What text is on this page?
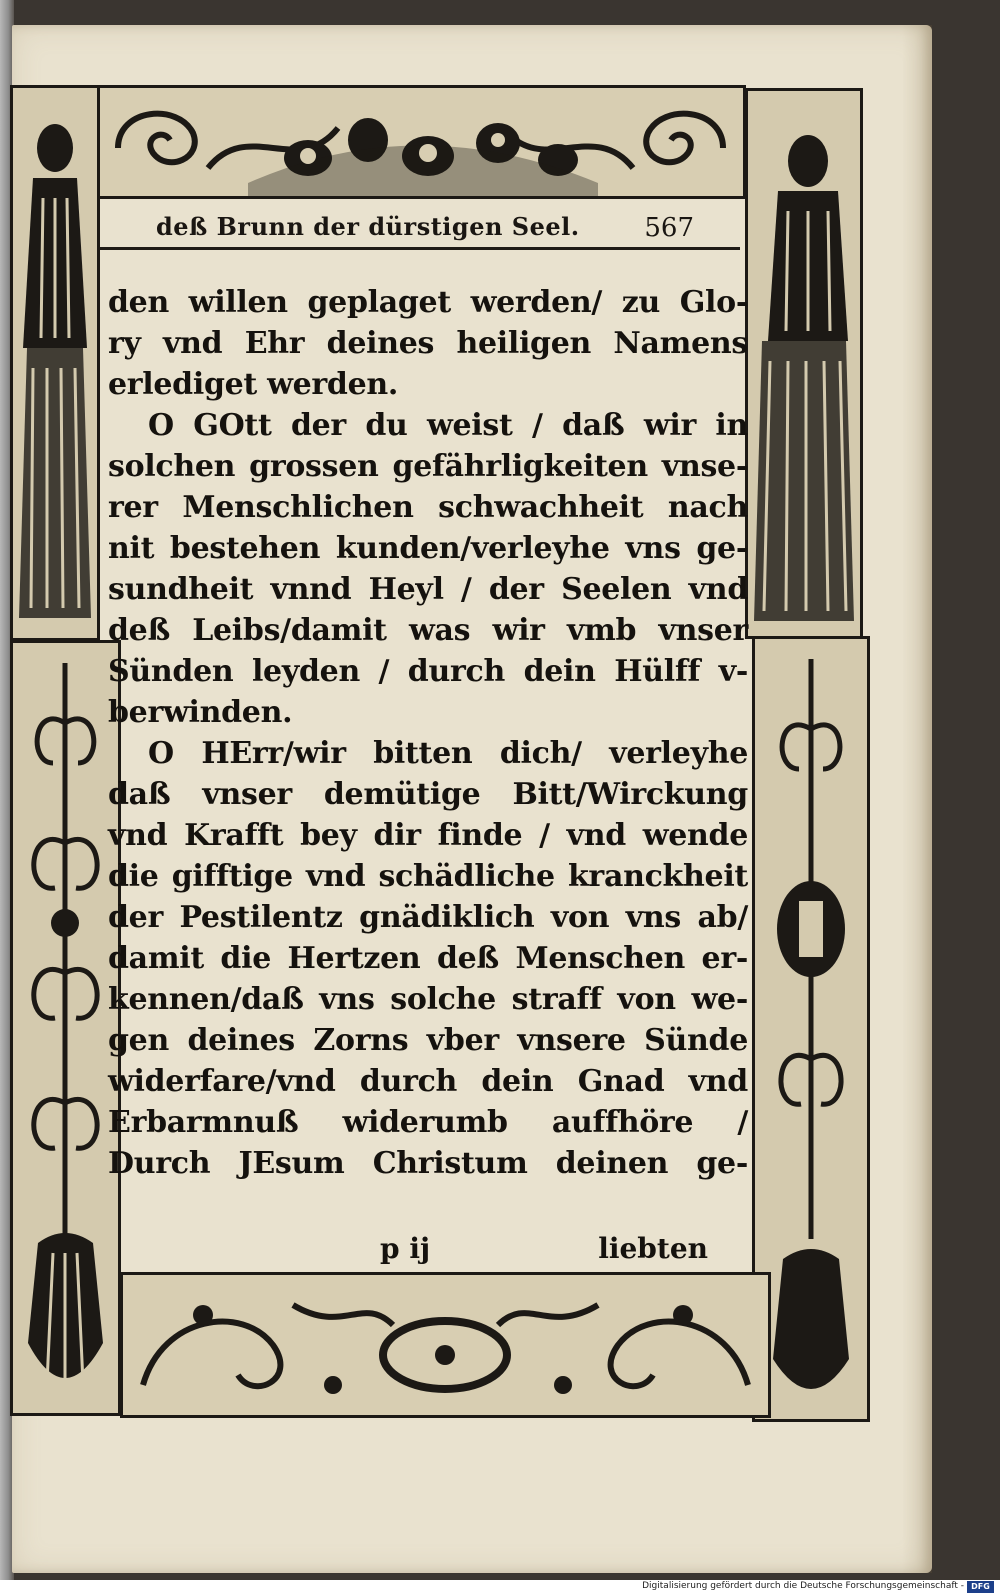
deß Brunn der dürstigen Seel. 567
den willen geplaget werden/ zu Glo-
ry vnd Ehr deines heiligen Namens
erlediget werden.
O GOtt der du weist / daß wir in
solchen grossen gefährligkeiten vnse-
rer Menschlichen schwachheit nach
nit bestehen kunden/verleyhe vns ge-
sundheit vnnd Heyl / der Seelen vnd
deß Leibs/damit was wir vmb vnser
Sünden leyden / durch dein Hülff v-
berwinden.
O HErr/wir bitten dich/ verleyhe
daß vnser demütige Bitt/Wirckung
vnd Krafft bey dir finde / vnd wende
die gifftige vnd schädliche kranckheit
der Pestilentz gnädiklich von vns ab/
damit die Hertzen deß Menschen er-
kennen/daß vns solche straff von we-
gen deines Zorns vber vnsere Sünde
widerfare/vnd durch dein Gnad vnd
Erbarmnuß widerumb auffhöre /
Durch JEsum Christum deinen ge-
p ij	liebten
Digitalisierung gefördert durch die Deutsche Forschungsgemeinschaft - DFG
